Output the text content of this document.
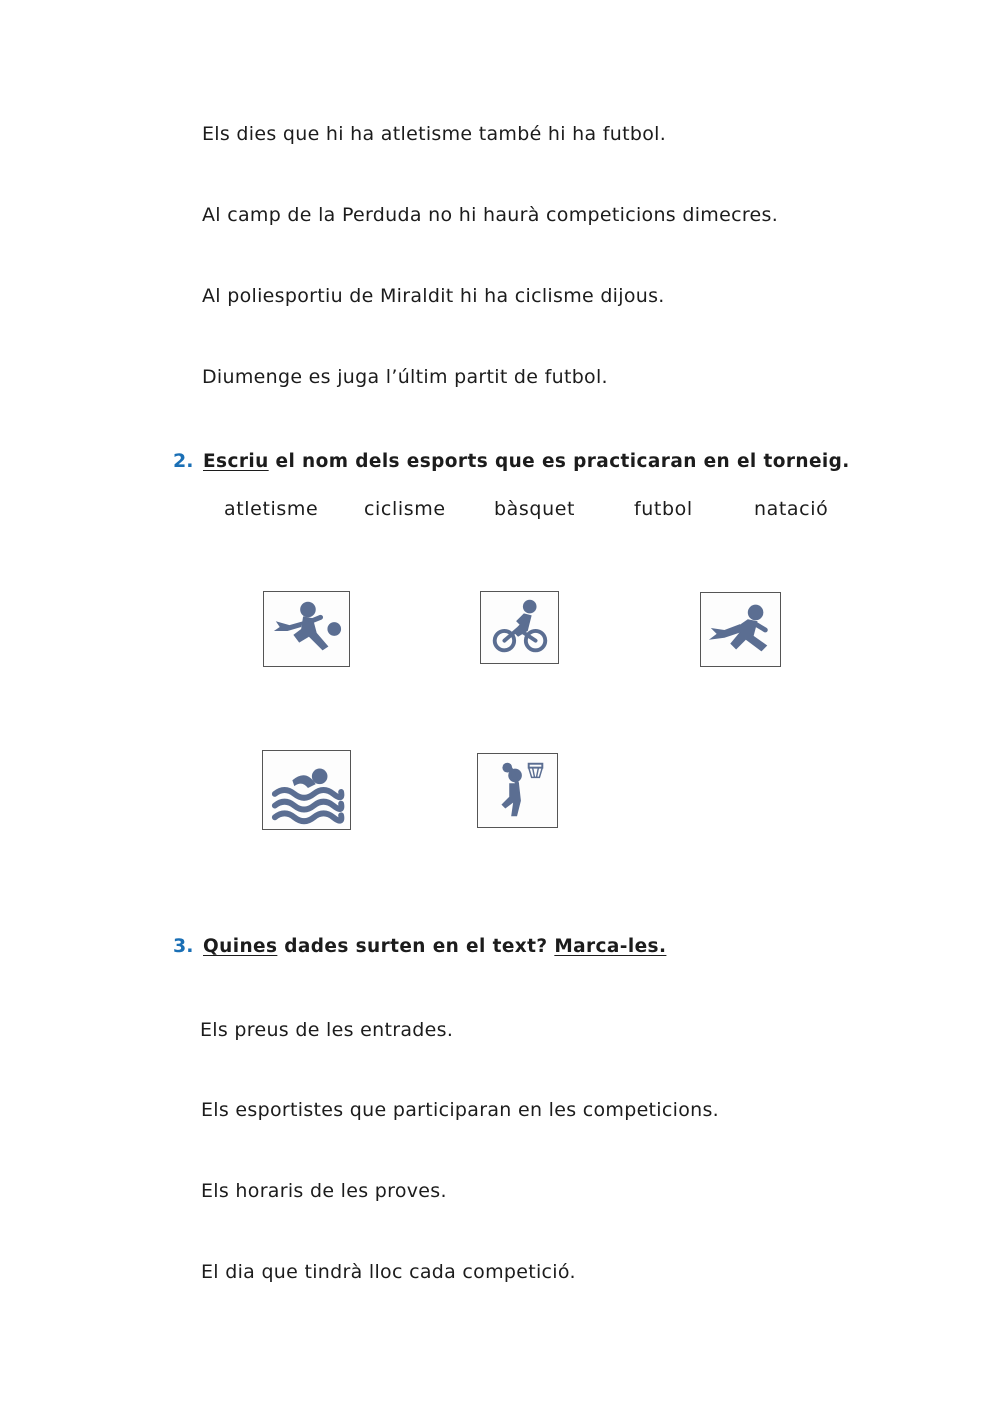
Els dies que hi ha atletisme també hi ha futbol.
Al camp de la Perduda no hi haurà competicions dimecres.
Al poliesportiu de Miraldit hi ha ciclisme dijous.
Diumenge es juga l’últim partit de futbol.
2. Escriu el nom dels esports que es practicaran en el torneig.
atletisme ciclisme	bàsquet	futbol	natació
3. Quines dades surten en el text? Marca-les.
Els preus de les entrades.
Els esportistes que participaran en les competicions.
Els horaris de les proves.
El dia que tindrà lloc cada competició.
